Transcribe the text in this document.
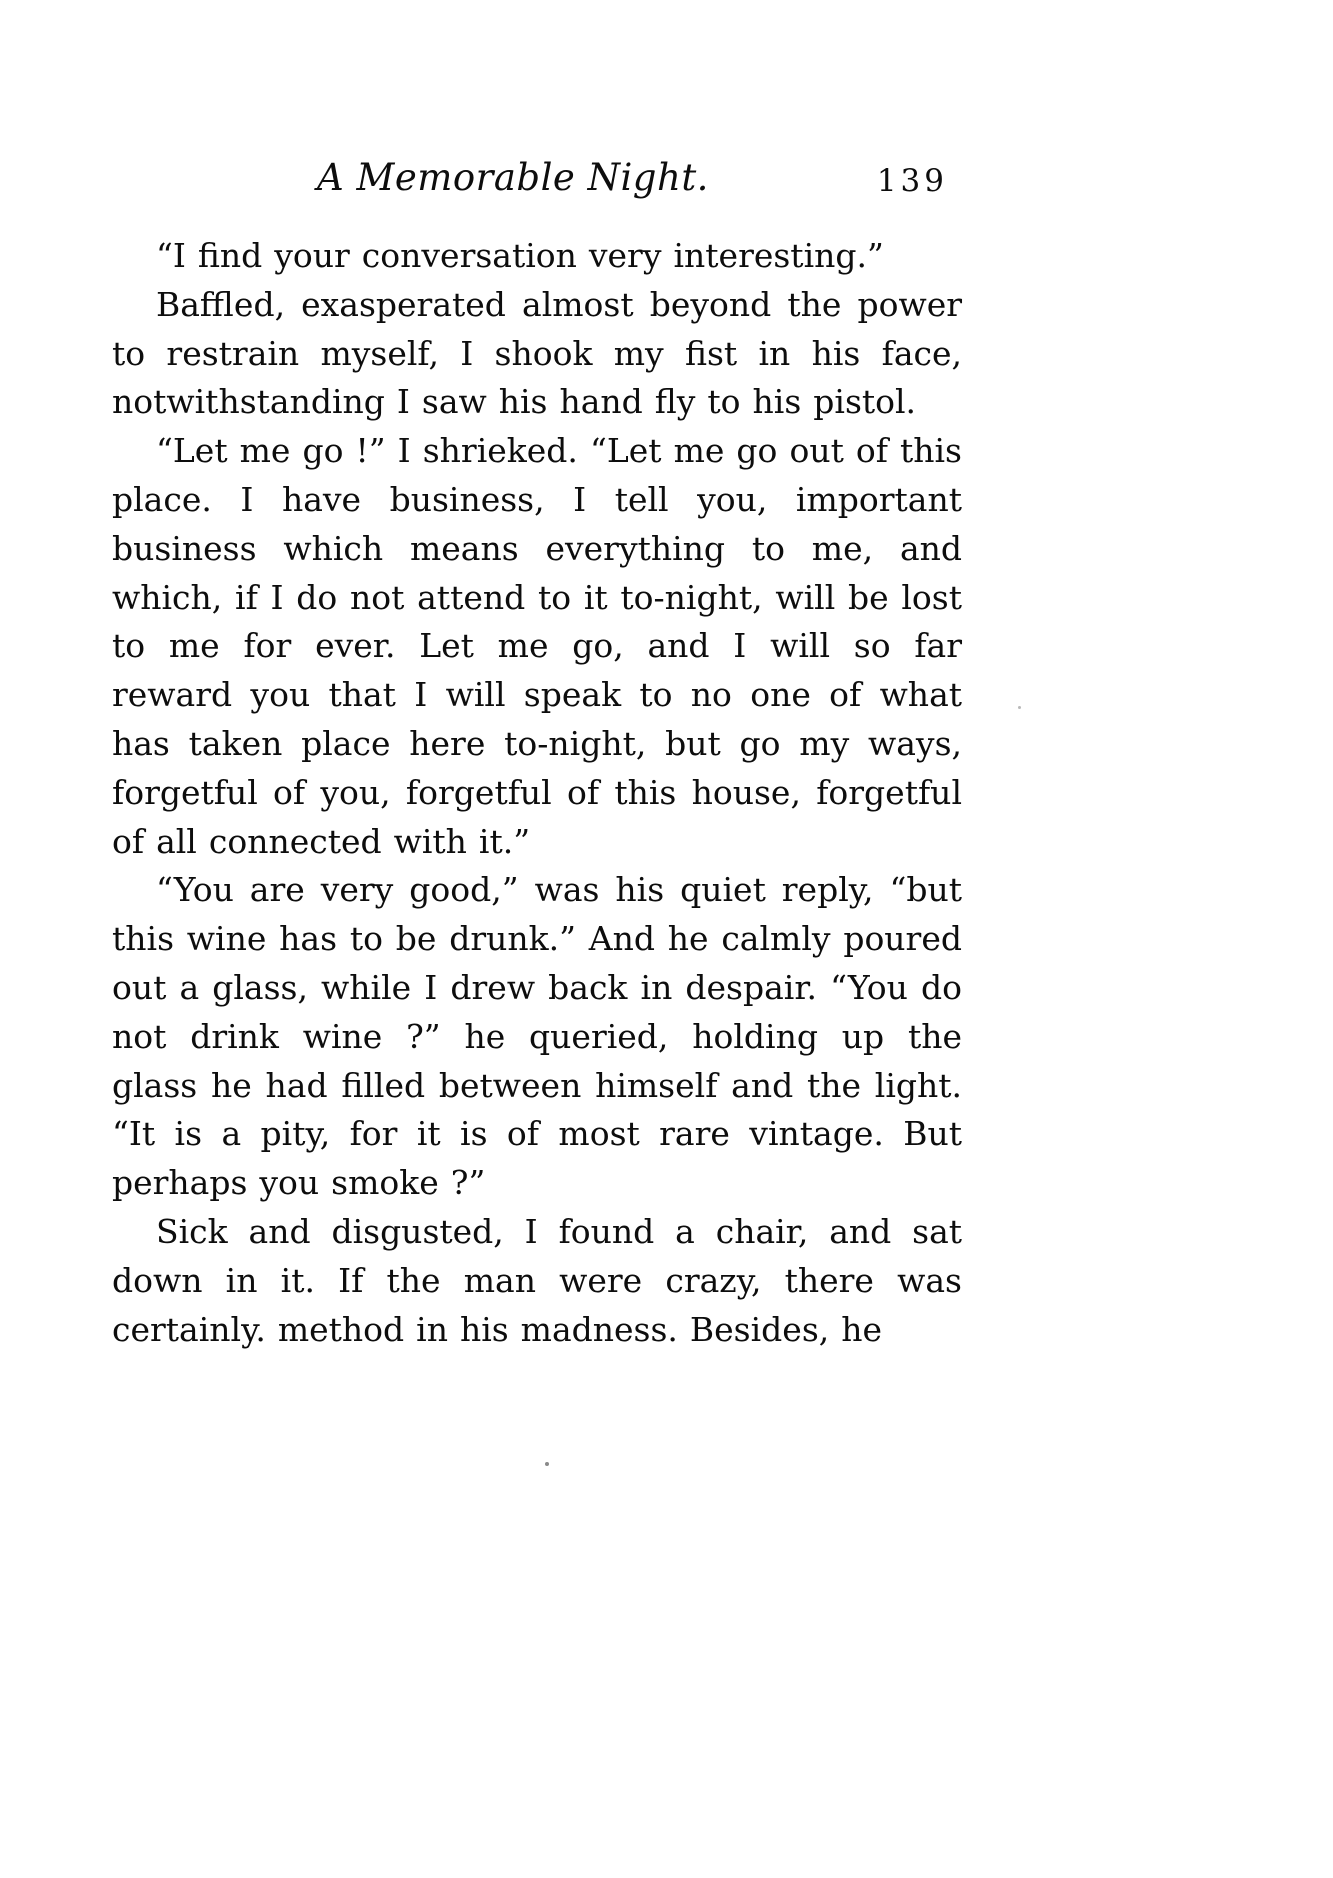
A Memorable Night.	139

“I find your conversation very interesting.”

Baffled, exasperated almost beyond the power to restrain myself, I shook my fist in his face, notwithstanding I saw his hand fly to his pistol.

“Let me go !” I shrieked. “Let me go out of this place. I have business, I tell you, important business which means everything to me, and which, if I do not attend to it to-night, will be lost to me for ever. Let me go, and I will so far reward you that I will speak to no one of what has taken place here to-night, but go my ways, forgetful of you, forgetful of this house, forgetful of all connected with it.”

“You are very good,” was his quiet reply, “but this wine has to be drunk.” And he calmly poured out a glass, while I drew back in despair. “You do not drink wine ?” he queried, holding up the glass he had filled between himself and the light. “It is a pity, for it is of most rare vintage. But perhaps you smoke ?”

Sick and disgusted, I found a chair, and sat down in it. If the man were crazy, there was certainly. method in his madness. Besides, he
